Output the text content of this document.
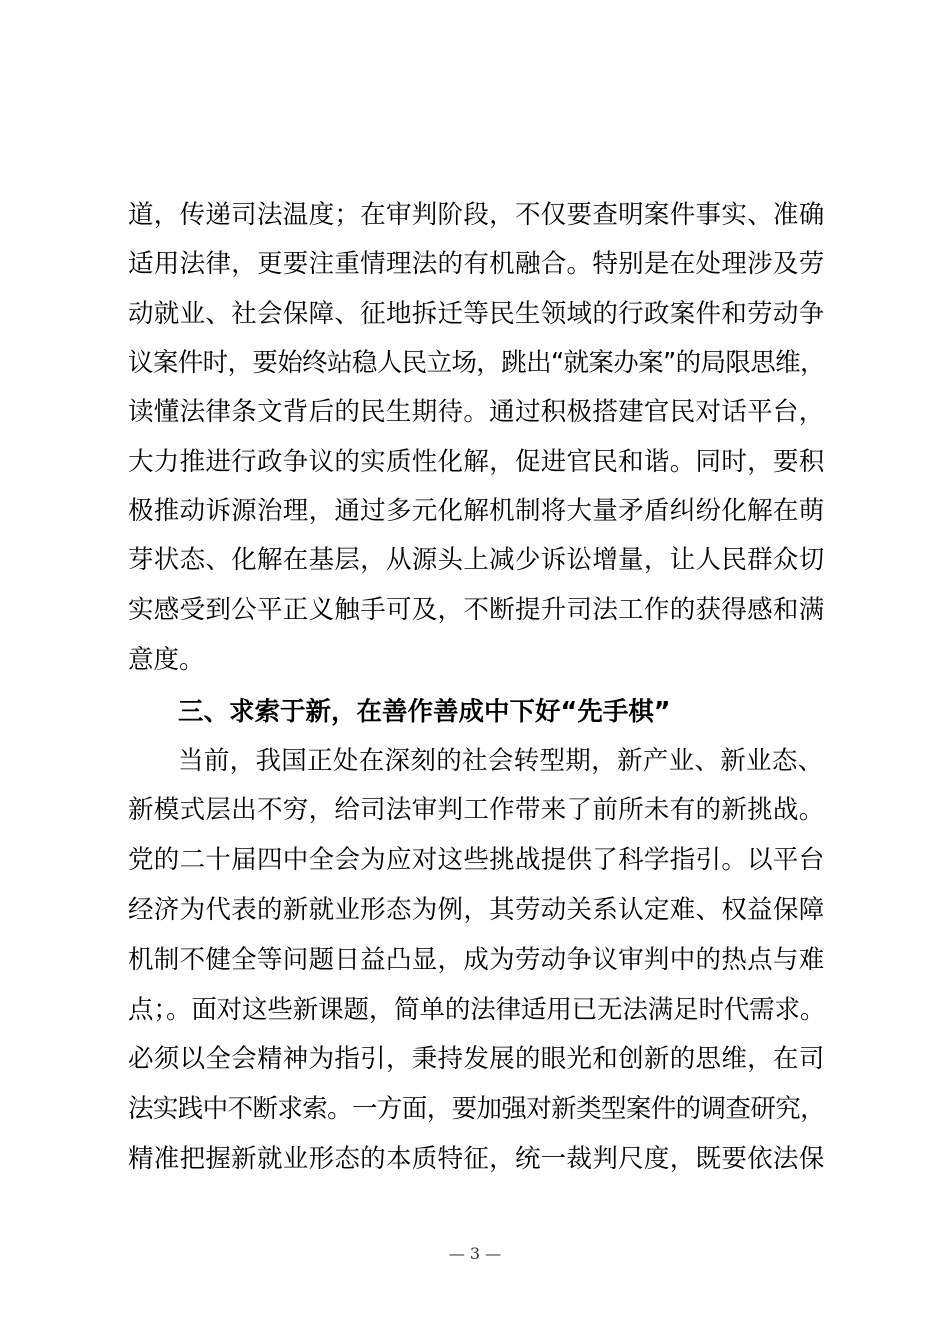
道，传递司法温度；在审判阶段，不仅要查明案件事实、准确
适用法律，更要注重情理法的有机融合。特别是在处理涉及劳
动就业、社会保障、征地拆迁等民生领域的行政案件和劳动争
议案件时，要始终站稳人民立场，跳出“就案办案”的局限思维，
读懂法律条文背后的民生期待。通过积极搭建官民对话平台，
大力推进行政争议的实质性化解，促进官民和谐。同时，要积
极推动诉源治理，通过多元化解机制将大量矛盾纠纷化解在萌
芽状态、化解在基层，从源头上减少诉讼增量，让人民群众切
实感受到公平正义触手可及，不断提升司法工作的获得感和满
意度。
三、求索于新，在善作善成中下好“先手棋”
当前，我国正处在深刻的社会转型期，新产业、新业态、
新模式层出不穷，给司法审判工作带来了前所未有的新挑战。
党的二十届四中全会为应对这些挑战提供了科学指引。以平台
经济为代表的新就业形态为例，其劳动关系认定难、权益保障
机制不健全等问题日益凸显，成为劳动争议审判中的热点与难
点；。面对这些新课题，简单的法律适用已无法满足时代需求。
必须以全会精神为指引，秉持发展的眼光和创新的思维，在司
法实践中不断求索。一方面，要加强对新类型案件的调查研究，
精准把握新就业形态的本质特征，统一裁判尺度，既要依法保
— 3 —
